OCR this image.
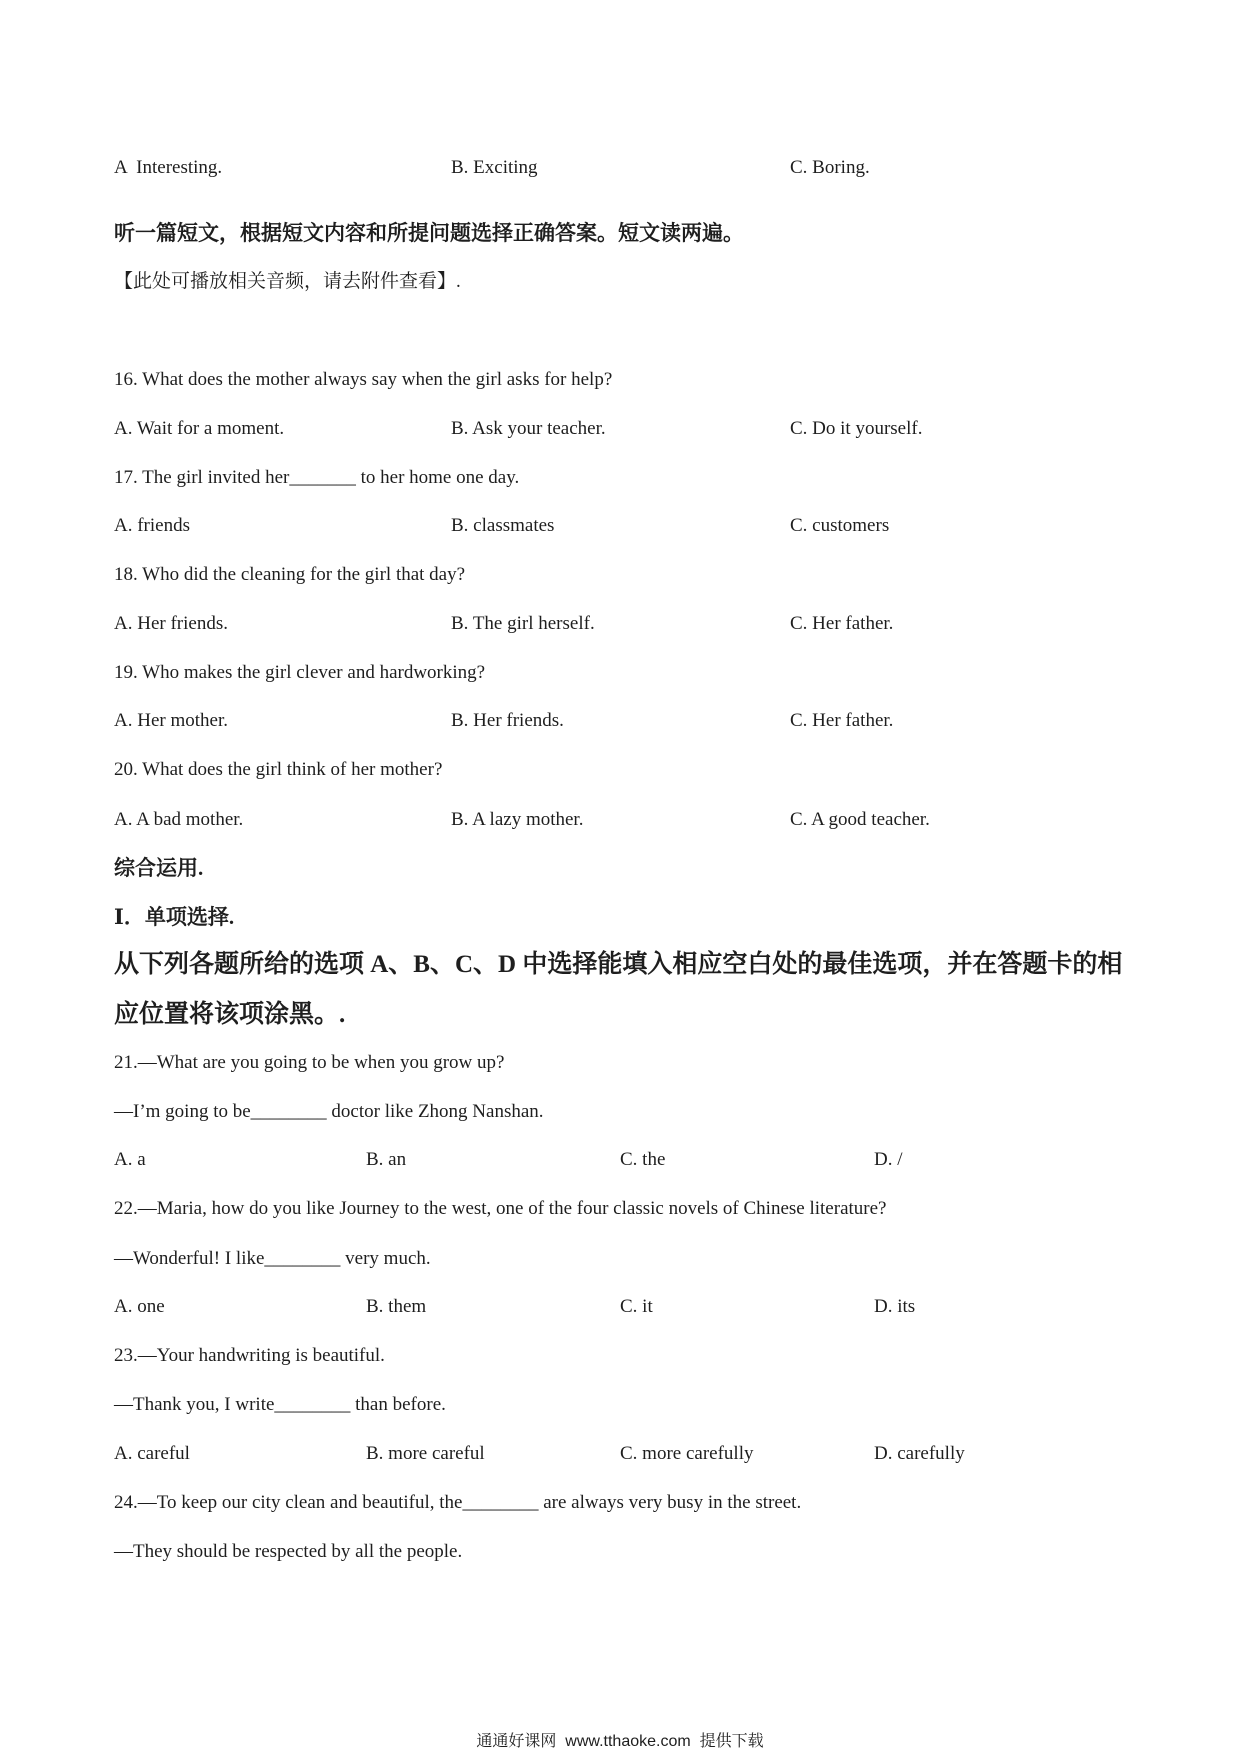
A  Interesting.	B. Exciting	C. Boring.
听一篇短文，根据短文内容和所提问题选择正确答案。短文读两遍。
【此处可播放相关音频，请去附件查看】.
16. What does the mother always say when the girl asks for help?
A. Wait for a moment.	B. Ask your teacher.	C. Do it yourself.
17. The girl invited her_______ to her home one day.
A. friends	B. classmates	C. customers
18. Who did the cleaning for the girl that day?
A. Her friends.	B. The girl herself.	C. Her father.
19. Who makes the girl clever and hardworking?
A. Her mother.	B. Her friends.	C. Her father.
20. What does the girl think of her mother?
A. A bad mother.	B. A lazy mother.	C. A good teacher.
综合运用.
Ⅰ．单项选择.
从下列各题所给的选项 A、B、C、D 中选择能填入相应空白处的最佳选项，并在答题卡的相
应位置将该项涂黑。.
21.—What are you going to be when you grow up?
—I’m going to be________ doctor like Zhong Nanshan.
A. a	B. an	C. the	D. /
22.—Maria, how do you like Journey to the west, one of the four classic novels of Chinese literature?
—Wonderful! I like________ very much.
A. one	B. them	C. it	D. its
23.—Your handwriting is beautiful.
—Thank you, I write________ than before.
A. careful	B. more careful	C. more carefully	D. carefully
24.—To keep our city clean and beautiful, the________ are always very busy in the street.
—They should be respected by all the people.
通通好课网  www.tthaoke.com  提供下载
